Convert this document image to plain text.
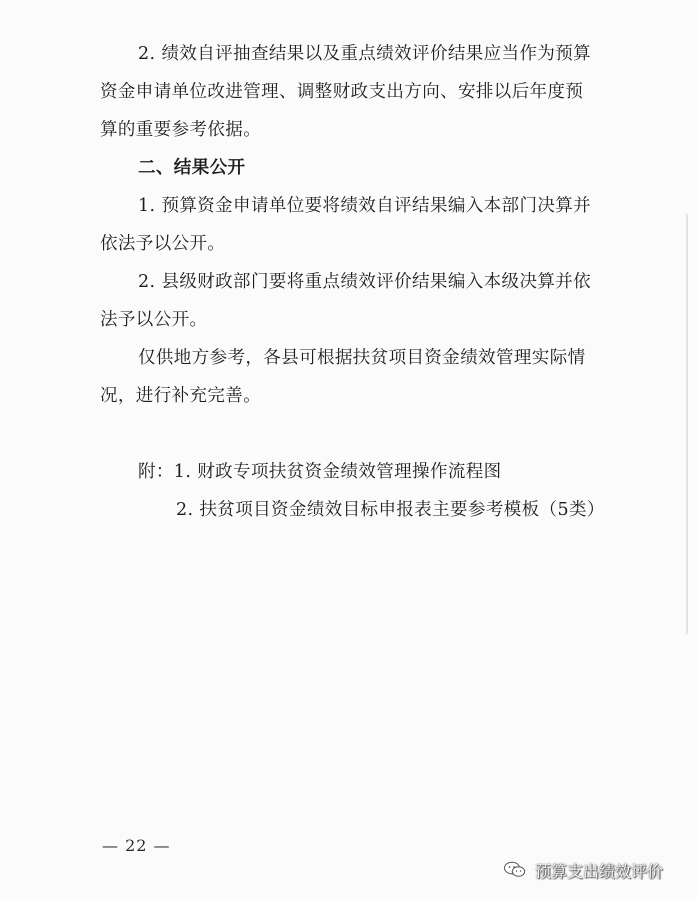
2. 绩效自评抽查结果以及重点绩效评价结果应当作为预算资金申请单位改进管理、调整财政支出方向、安排以后年度预算的重要参考依据。

二、结果公开

1. 预算资金申请单位要将绩效自评结果编入本部门决算并依法予以公开。

2. 县级财政部门要将重点绩效评价结果编入本级决算并依法予以公开。

仅供地方参考，各县可根据扶贫项目资金绩效管理实际情况，进行补充完善。

附：1. 财政专项扶贫资金绩效管理操作流程图

2. 扶贫项目资金绩效目标申报表主要参考模板（5类）

— 22 —
预算支出绩效评价
